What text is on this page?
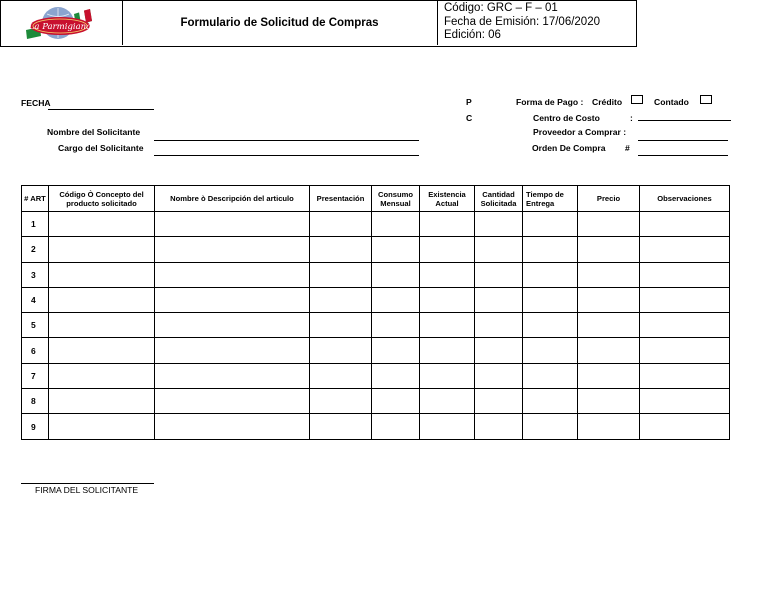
La Parmigiana	Formulario de Solicitud de Compras
Código: GRC – F – 01
Fecha de Emisión: 17/06/2020
Edición: 06
FECHA
Nombre del Solicitante
Cargo del Solicitante
P
C
Forma de Pago : Crédito	Contado
Centro de Costo	:
Proveedor a Comprar :
Orden De Compra #
# ART	Código Ò Concepto del producto solicitado	Nombre ò Descripción del articulo	Presentación	Consumo Mensual	Existencia Actual	Cantidad Solicitada	Tiempo de Entrega	Precio	Observaciones
1									
2									
3									
4									
5									
6									
7									
8									
9									
FIRMA DEL SOLICITANTE
